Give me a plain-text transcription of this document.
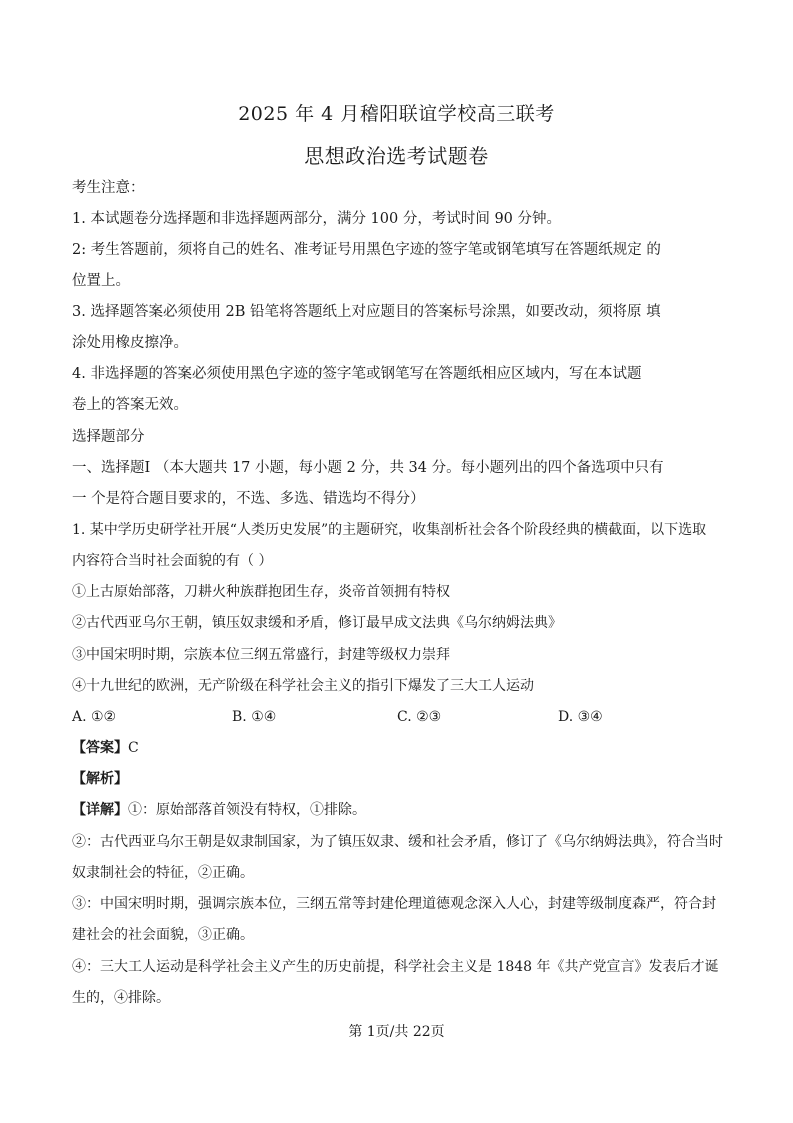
2025 年 4 月稽阳联谊学校高三联考
思想政治选考试题卷
考生注意：
1. 本试题卷分选择题和非选择题两部分，满分 100 分，考试时间 90 分钟。
2: 考生答题前，须将自己的姓名、准考证号用黑色字迹的签字笔或钢笔填写在答题纸规定 的
位置上。
3. 选择题答案必须使用 2B 铅笔将答题纸上对应题目的答案标号涂黑，如要改动，须将原 填
涂处用橡皮擦净。
4. 非选择题的答案必须使用黑色字迹的签字笔或钢笔写在答题纸相应区域内，写在本试题
卷上的答案无效。
选择题部分
一、选择题Ⅰ （本大题共 17 小题，每小题 2 分，共 34 分。每小题列出的四个备选项中只有
一 个是符合题目要求的，不选、多选、错选均不得分）
1. 某中学历史研学社开展“人类历史发展”的主题研究，收集剖析社会各个阶段经典的横截面，以下选取
内容符合当时社会面貌的有（ ）
①上古原始部落，刀耕火种族群抱团生存，炎帝首领拥有特权
②古代西亚乌尔王朝，镇压奴隶缓和矛盾，修订最早成文法典《乌尔纳姆法典》
③中国宋明时期，宗族本位三纲五常盛行，封建等级权力崇拜
④十九世纪的欧洲，无产阶级在科学社会主义的指引下爆发了三大工人运动
A. ①②	B. ①④	C. ②③	D. ③④
【答案】C
【解析】
【详解】①：原始部落首领没有特权，①排除。
②：古代西亚乌尔王朝是奴隶制国家，为了镇压奴隶、缓和社会矛盾，修订了《乌尔纳姆法典》，符合当时
奴隶制社会的特征，②正确。
③：中国宋明时期，强调宗族本位，三纲五常等封建伦理道德观念深入人心，封建等级制度森严，符合封
建社会的社会面貌，③正确。
④：三大工人运动是科学社会主义产生的历史前提，科学社会主义是 1848 年《共产党宣言》发表后才诞
生的，④排除。
第 1页/共 22页
